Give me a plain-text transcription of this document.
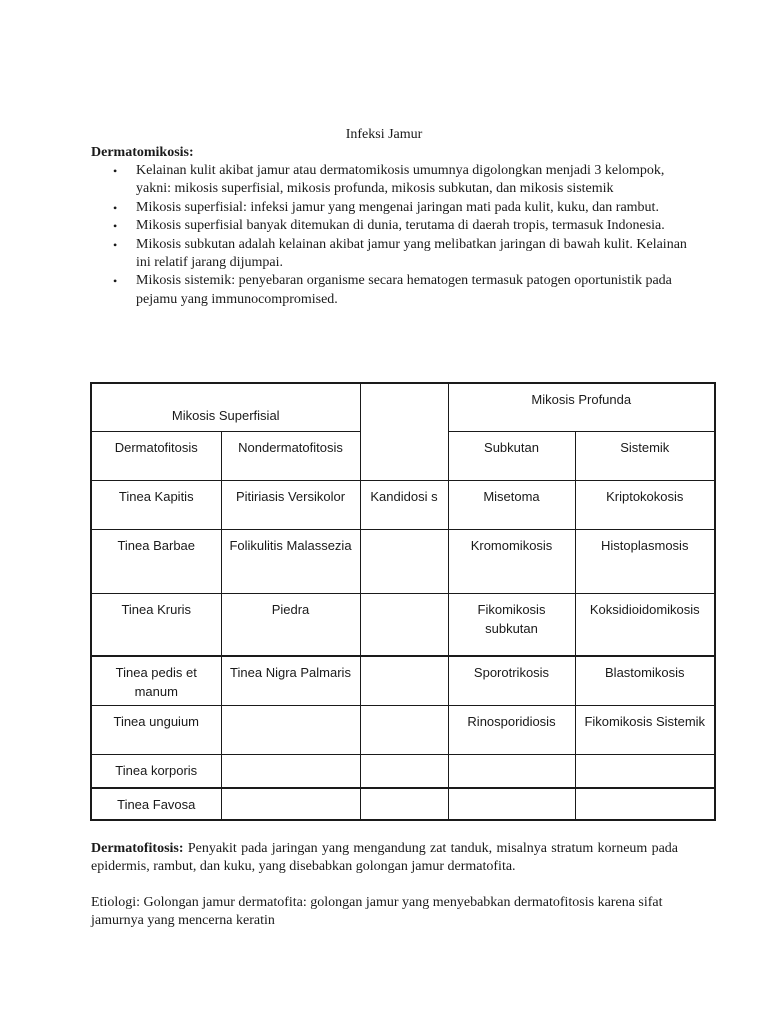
Infeksi Jamur
Dermatomikosis:
• Kelainan kulit akibat jamur atau dermatomikosis umumnya digolongkan menjadi 3 kelompok, yakni: mikosis superfisial, mikosis profunda, mikosis subkutan, dan mikosis sistemik
• Mikosis superfisial: infeksi jamur yang mengenai jaringan mati pada kulit, kuku, dan rambut.
• Mikosis superfisial banyak ditemukan di dunia, terutama di daerah tropis, termasuk Indonesia.
• Mikosis subkutan adalah kelainan akibat jamur yang melibatkan jaringan di bawah kulit. Kelainan ini relatif jarang dijumpai.
• Mikosis sistemik: penyebaran organisme secara hematogen termasuk patogen oportunistik pada pejamu yang immunocompromised.
Mikosis Superfisial			Mikosis Profunda	
Dermatofitosis	Nondermatofitosis		Subkutan	Sistemik
Tinea Kapitis	Pitiriasis Versikolor	Kandidosi s	Misetoma	Kriptokokosis
Tinea Barbae	Folikulitis Malassezia		Kromomikosis	Histoplasmosis
Tinea Kruris	Piedra		Fikomikosis subkutan	Koksidioidomikosis
Tinea pedis et manum	Tinea Nigra Palmaris		Sporotrikosis	Blastomikosis
Tinea unguium			Rinosporidiosis	Fikomikosis Sistemik
Tinea korporis				
Tinea Favosa				
Dermatofitosis: Penyakit pada jaringan yang mengandung zat tanduk, misalnya stratum korneum pada epidermis, rambut, dan kuku, yang disebabkan golongan jamur dermatofita.
Etiologi: Golongan jamur dermatofita: golongan jamur yang menyebabkan dermatofitosis karena sifat jamurnya yang mencerna keratin
